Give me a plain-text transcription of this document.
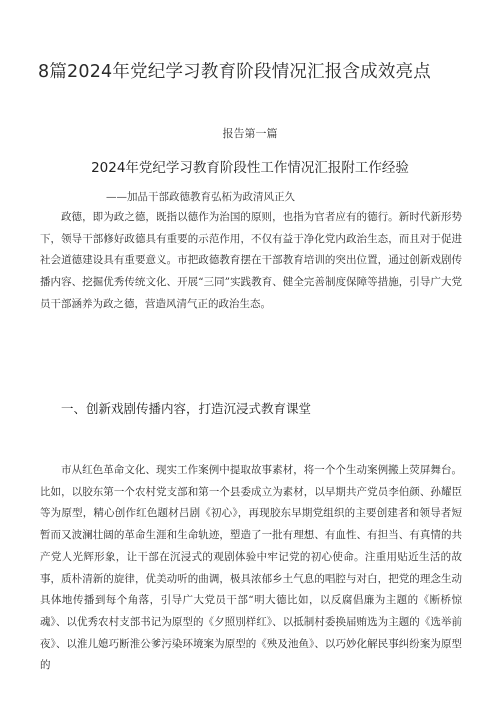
8篇2024年党纪学习教育阶段情况汇报含成效亮点
报告第一篇
2024年党纪学习教育阶段性工作情况汇报附工作经验
——加品干部政德教育弘柘为政清风正久

政德，即为政之德，既指以德作为治国的原则，也指为官者应有的德行。新时代新形势下，领导干部修好政德具有重要的示范作用，不仅有益于净化党内政治生态，而且对于促进社会道德建设具有重要意义。市把政德教育摆在干部教育培训的突出位置，通过创新戏剧传播内容、挖掘优秀传统文化、开展“三同”实践教育、健全完善制度保障等措施，引导广大党员干部涵养为政之德，营造风清气正的政治生态。

一、创新戏剧传播内容，打造沉浸式教育课堂

市从红色革命文化、现实工作案例中提取故事素材，将一个个生动案例搬上荧屏舞台。比如，以胶东第一个农村党支部和第一个县委成立为素材，以早期共产党员李伯颜、孙耀臣等为原型，精心创作红色题材吕剧《初心》，再现胶东早期党组织的主要创建者和领导者短暂而又波澜壮阔的革命生涯和生命轨迹，塑造了一批有理想、有血性、有担当、有真情的共产党人光辉形象，让干部在沉浸式的观剧体验中牢记党的初心使命。注重用贴近生活的故事，质朴清新的旋律，优美动听的曲调，极具浓郁乡土气息的唱腔与对白，把党的理念生动具体地传播到每个角落，引导广大党员干部“明大德比如，以反腐倡廉为主题的《断桥惊魂》、以优秀农村支部书记为原型的《夕照別样红》、以抵制村委换届贿选为主题的《选举前夜》、以淮儿媳巧断淮公爹污染环境案为原型的《殃及池鱼》、以巧妙化解民事纠纷案为原型的
